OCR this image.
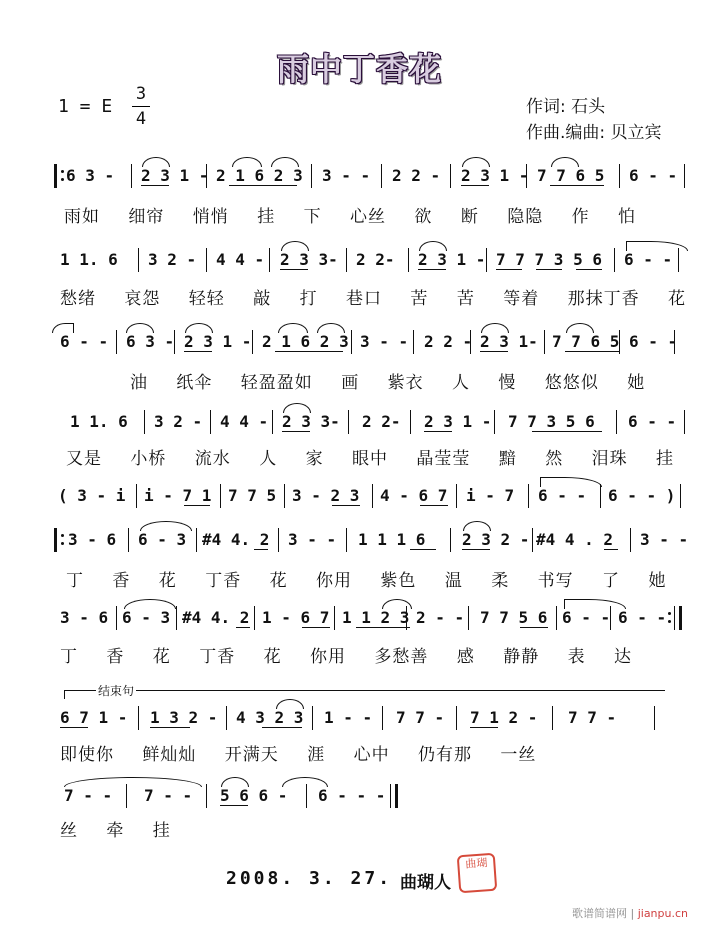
雨中丁香花
1 = E $\frac{3}{4}$	作词: 石头
作曲.编曲: 贝立宾
6 3 - 2 3 1 - 2 1 6 2 3 3 - - 2 2 - 2 3 1 - 7 7 6 5 6 - -
雨如 细帘 悄悄 挂 下 心丝 欲 断 隐隐 作 怕
1 1. 6 3 2 - 4 4 - 2 3 3- 2 2- 2 3 1 - 7 7 7 3 5 6 6 - -
愁绪 哀怨 轻轻 敲 打 巷口 苦 苦 等着 那抹丁香 花
6 - - 6 3 - 2 3 1 - 2 1 6 2 3 3 - - 2 2 - 2 3 1- 7 7 6 5 6 - -
油 纸伞 轻盈盈如 画 紫衣 人 慢 悠悠似 她
1 1. 6 3 2 - 4 4 - 2 3 3- 2 2- 2 3 1 - 7 7 3 5 6 6 - -
又是 小桥 流水 人 家 眼中 晶莹莹 黯 然 泪珠 挂
( 3 - i i - 7 1 7 7 5 3 - 2 3 4 - 6 7 i - 7 6 - - 6 - - )
3 - 6 6 - 3 #4 4. 2 3 - - 1 1 1 6 2 3 2 - #4 4 . 2 3 - -
丁 香 花 丁香 花 你用 紫色 温 柔 书写 了 她
3 - 6 6 - 3 #4 4. 2 1 - 6 7 1 1 2 3 2 - - 7 7 5 6 6 - - 6 - -
丁 香 花 丁香 花 你用 多愁善 感 静静 表 达
结束句
6 7 1 - 1 3 2 - 4 3 2 3 1 - - 7 7 - 7 1 2 - 7 7 -
即使你 鲜灿灿 开满天 涯 心中 仍有那 一丝
7 - - 7 - - 5 6 6 - 6 - - -
丝 牵 挂
2008. 3. 27. 曲瑚人
曲瑚
歌谱简谱网 | jianpu.cn
